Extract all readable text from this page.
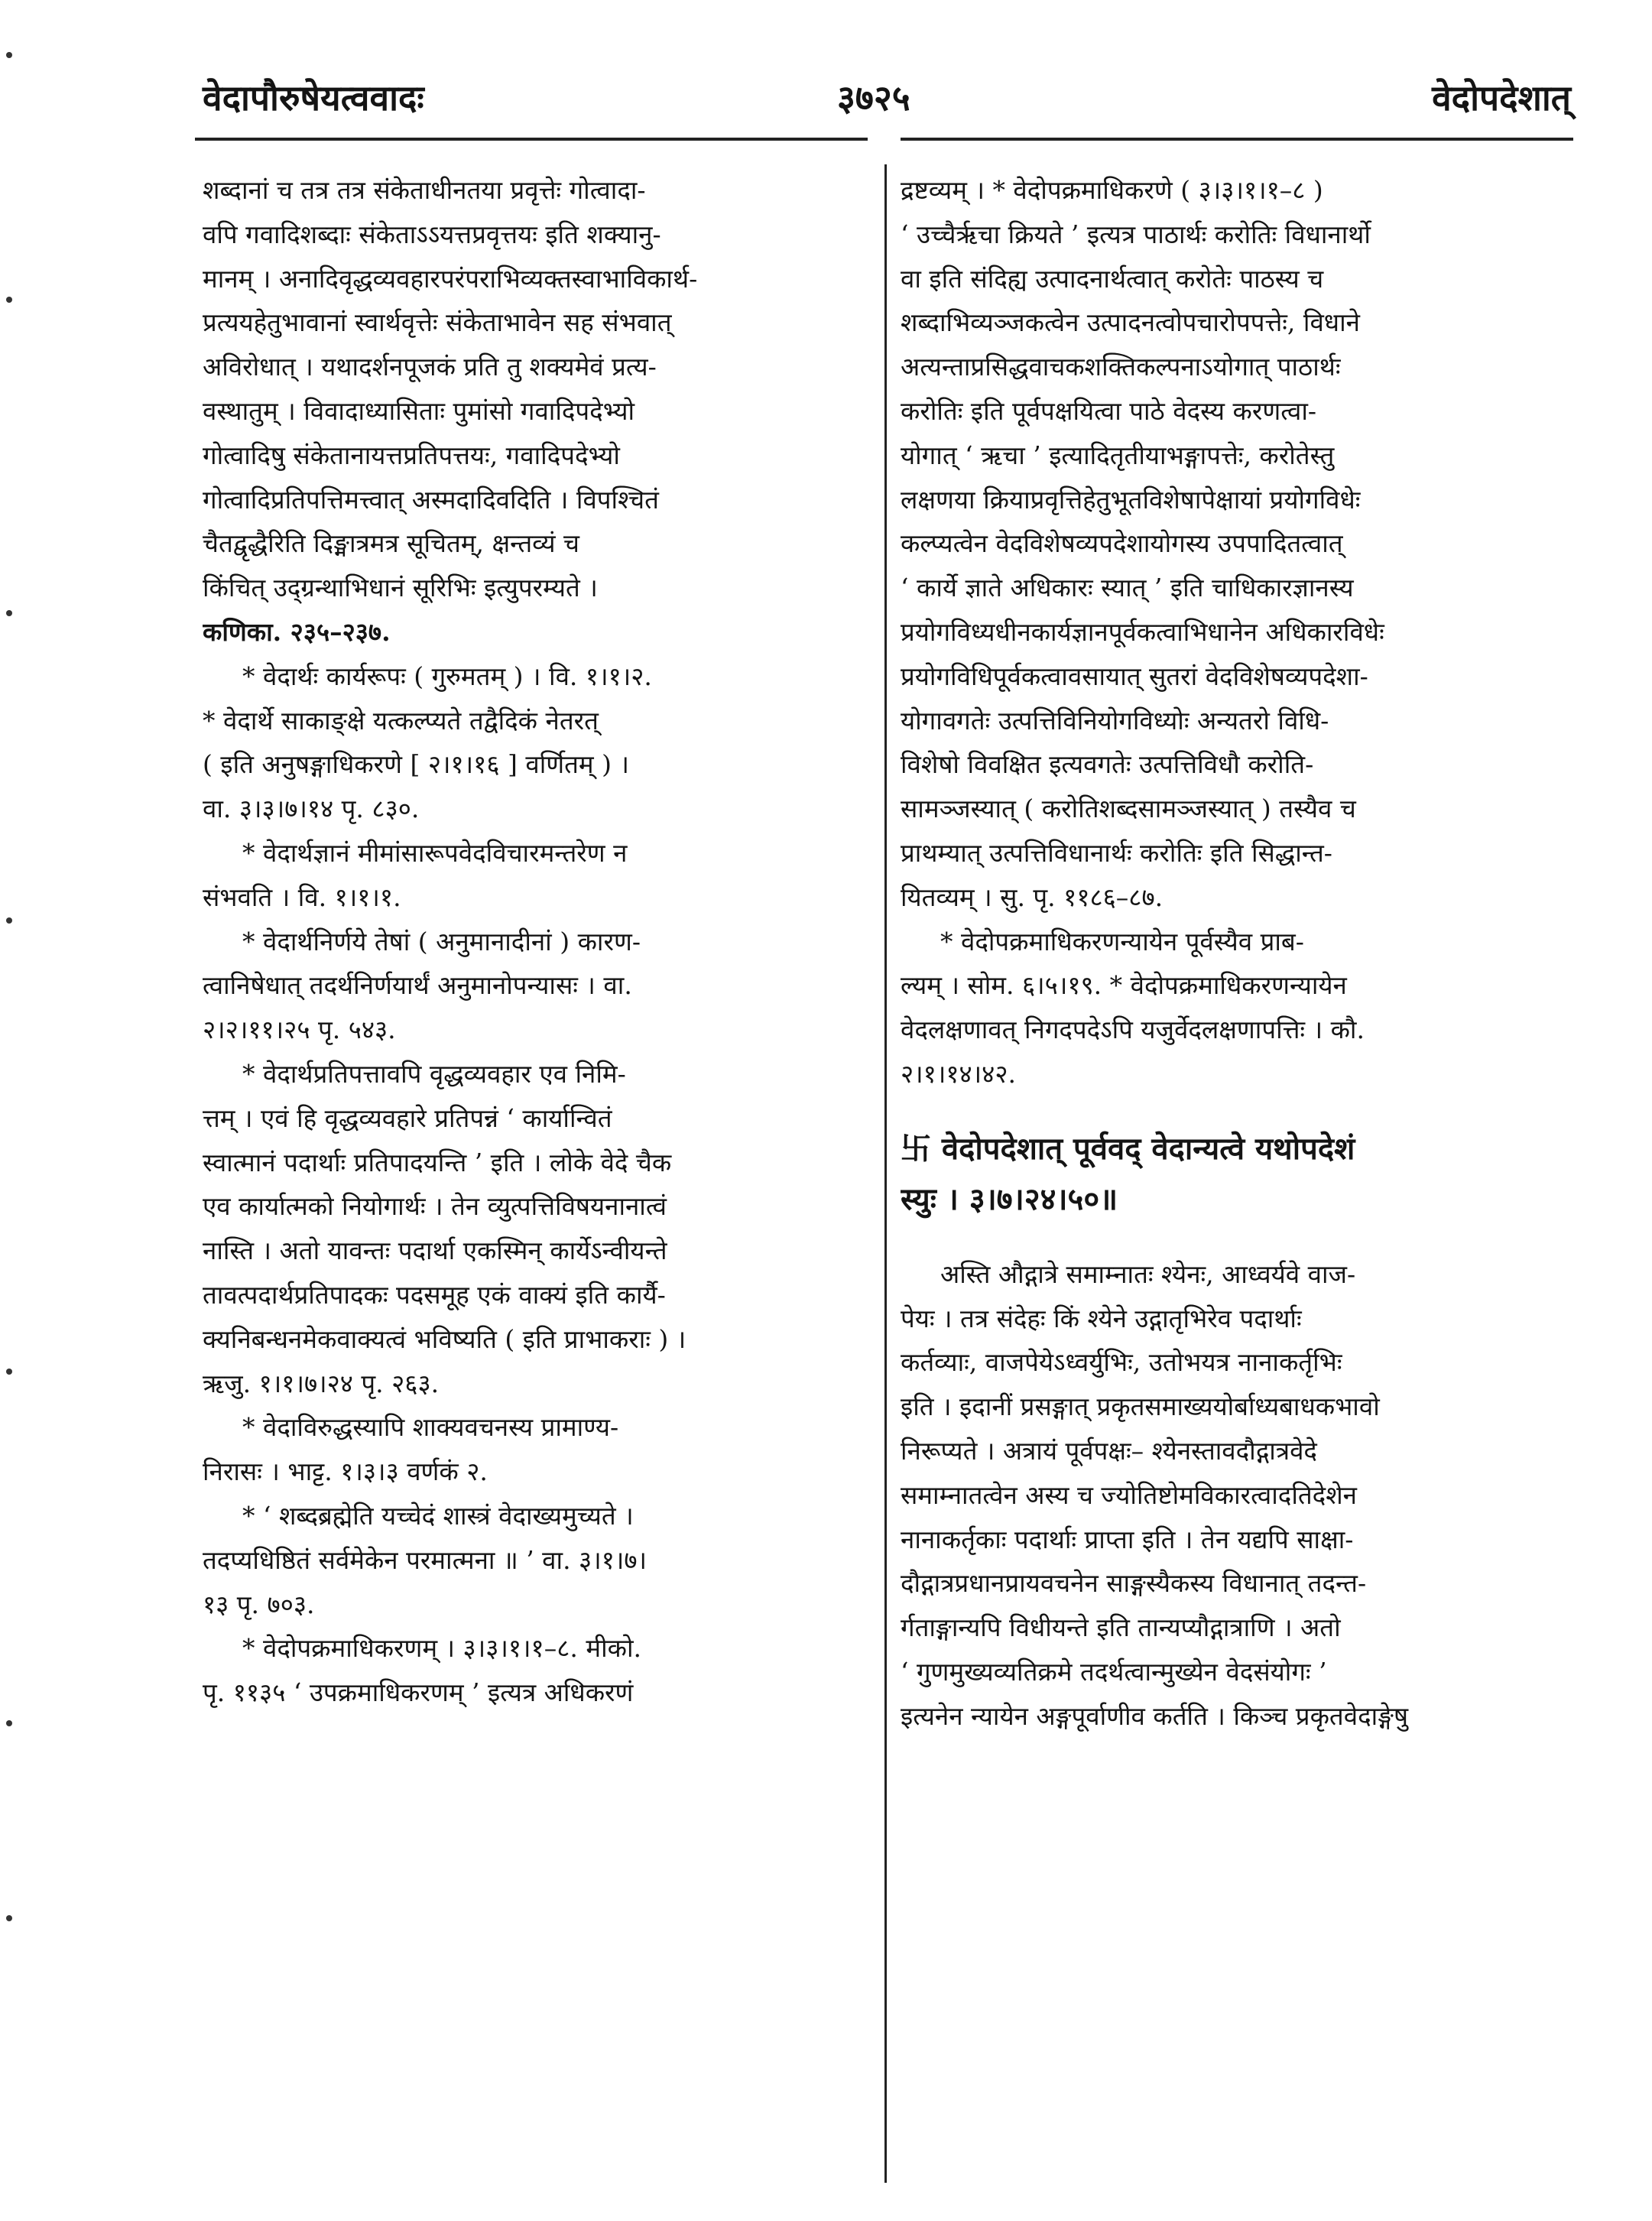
वेदापौरुषेयत्ववादः	३७२५	वेदोपदेशात्
शब्दानां च तत्र तत्र संकेताधीनतया प्रवृत्तेः गोत्वादा-
वपि गवादिशब्दाः संकेताऽऽयत्तप्रवृत्तयः इति शक्यानु-
मानम् । अनादिवृद्धव्यवहारपरंपराभिव्यक्तस्वाभाविकार्थ-
प्रत्ययहेतुभावानां स्वार्थवृत्तेः संकेताभावेन सह संभवात्
अविरोधात् । यथादर्शनपूजकं प्रति तु शक्यमेवं प्रत्य-
वस्थातुम् । विवादाध्यासिताः पुमांसो गवादिपदेभ्यो
गोत्वादिषु संकेतानायत्तप्रतिपत्तयः, गवादिपदेभ्यो
गोत्वादिप्रतिपत्तिमत्त्वात् अस्मदादिवदिति । विपश्चितं
चैतद्वृद्धैरिति दिङ्मात्रमत्र सूचितम्, क्षन्तव्यं च
किंचित् उद्ग्रन्थाभिधानं सूरिभिः इत्युपरम्यते ।
कणिका. २३५–२३७.
* वेदार्थः कार्यरूपः ( गुरुमतम् ) । वि. १।१।२.
* वेदार्थे साकाङ्क्षे यत्कल्प्यते तद्वैदिकं नेतरत्
( इति अनुषङ्गाधिकरणे [ २।१।१६ ] वर्णितम् ) ।
वा. ३।३।७।१४ पृ. ८३०.
* वेदार्थज्ञानं मीमांसारूपवेदविचारमन्तरेण न
संभवति । वि. १।१।१.
* वेदार्थनिर्णये तेषां ( अनुमानादीनां ) कारण-
त्वानिषेधात् तदर्थनिर्णयार्थं अनुमानोपन्यासः । वा.
२।२।११।२५ पृ. ५४३.
* वेदार्थप्रतिपत्तावपि वृद्धव्यवहार एव निमि-
त्तम् । एवं हि वृद्धव्यवहारे प्रतिपन्नं ‘ कार्यान्वितं
स्वात्मानं पदार्थाः प्रतिपादयन्ति ’ इति । लोके वेदे चैक
एव कार्यात्मको नियोगार्थः । तेन व्युत्पत्तिविषयनानात्वं
नास्ति । अतो यावन्तः पदार्था एकस्मिन् कार्येऽन्वीयन्ते
तावत्पदार्थप्रतिपादकः पदसमूह एकं वाक्यं इति कार्यै-
क्यनिबन्धनमेकवाक्यत्वं भविष्यति ( इति प्राभाकराः ) ।
ऋजु. १।१।७।२४ पृ. २६३.
* वेदाविरुद्धस्यापि शाक्यवचनस्य प्रामाण्य-
निरासः । भाट्ट. १।३।३ वर्णकं २.
* ‘ शब्दब्रह्मेति यच्चेदं शास्त्रं वेदाख्यमुच्यते ।
तदप्यधिष्ठितं सर्वमेकेन परमात्मना ॥ ’ वा. ३।१।७।
१३ पृ. ७०३.
* वेदोपक्रमाधिकरणम् । ३।३।१।१–८. मीको.
पृ. ११३५ ‘ उपक्रमाधिकरणम् ’ इत्यत्र अधिकरणं
द्रष्टव्यम् । * वेदोपक्रमाधिकरणे ( ३।३।१।१–८ )
‘ उच्चैर्ऋचा क्रियते ’ इत्यत्र पाठार्थः करोतिः विधानार्थो
वा इति संदिह्य उत्पादनार्थत्वात् करोतेः पाठस्य च
शब्दाभिव्यञ्जकत्वेन उत्पादनत्वोपचारोपपत्तेः, विधाने
अत्यन्ताप्रसिद्धवाचकशक्तिकल्पनाऽयोगात् पाठार्थः
करोतिः इति पूर्वपक्षयित्वा पाठे वेदस्य करणत्वा-
योगात् ‘ ऋचा ’ इत्यादितृतीयाभङ्गापत्तेः, करोतेस्तु
लक्षणया क्रियाप्रवृत्तिहेतुभूतविशेषापेक्षायां प्रयोगविधेः
कल्प्यत्वेन वेदविशेषव्यपदेशायोगस्य उपपादितत्वात्
‘ कार्ये ज्ञाते अधिकारः स्यात् ’ इति चाधिकारज्ञानस्य
प्रयोगविध्यधीनकार्यज्ञानपूर्वकत्वाभिधानेन अधिकारविधेः
प्रयोगविधिपूर्वकत्वावसायात् सुतरां वेदविशेषव्यपदेशा-
योगावगतेः उत्पत्तिविनियोगविध्योः अन्यतरो विधि-
विशेषो विवक्षित इत्यवगतेः उत्पत्तिविधौ करोति-
सामञ्जस्यात् ( करोतिशब्दसामञ्जस्यात् ) तस्यैव च
प्राथम्यात् उत्पत्तिविधानार्थः करोतिः इति सिद्धान्त-
यितव्यम् । सु. पृ. ११८६–८७.
* वेदोपक्रमाधिकरणन्यायेन पूर्वस्यैव प्राब-
ल्यम् । सोम. ६।५।१९. * वेदोपक्रमाधिकरणन्यायेन
वेदलक्षणावत् निगदपदेऽपि यजुर्वेदलक्षणापत्तिः । कौ.
२।१।१४।४२.
卐 वेदोपदेशात् पूर्ववद् वेदान्यत्वे यथोपदेशं
स्युः । ३।७।२४।५०॥
अस्ति औद्गात्रे समाम्नातः श्येनः, आध्वर्यवे वाज-
पेयः । तत्र संदेहः किं श्येने उद्गातृभिरेव पदार्थाः
कर्तव्याः, वाजपेयेऽध्वर्युभिः, उतोभयत्र नानाकर्तृभिः
इति । इदानीं प्रसङ्गात् प्रकृतसमाख्ययोर्बाध्यबाधकभावो
निरूप्यते । अत्रायं पूर्वपक्षः– श्येनस्तावदौद्गात्रवेदे
समाम्नातत्वेन अस्य च ज्योतिष्टोमविकारत्वादतिदेशेन
नानाकर्तृकाः पदार्थाः प्राप्ता इति । तेन यद्यपि साक्षा-
दौद्गात्रप्रधानप्रायवचनेन साङ्गस्यैकस्य विधानात् तदन्त-
र्गताङ्गान्यपि विधीयन्ते इति तान्यप्यौद्गात्राणि । अतो
‘ गुणमुख्यव्यतिक्रमे तदर्थत्वान्मुख्येन वेदसंयोगः ’
इत्यनेन न्यायेन अङ्गपूर्वाणीव कर्तति । किञ्च प्रकृतवेदाङ्गेषु
